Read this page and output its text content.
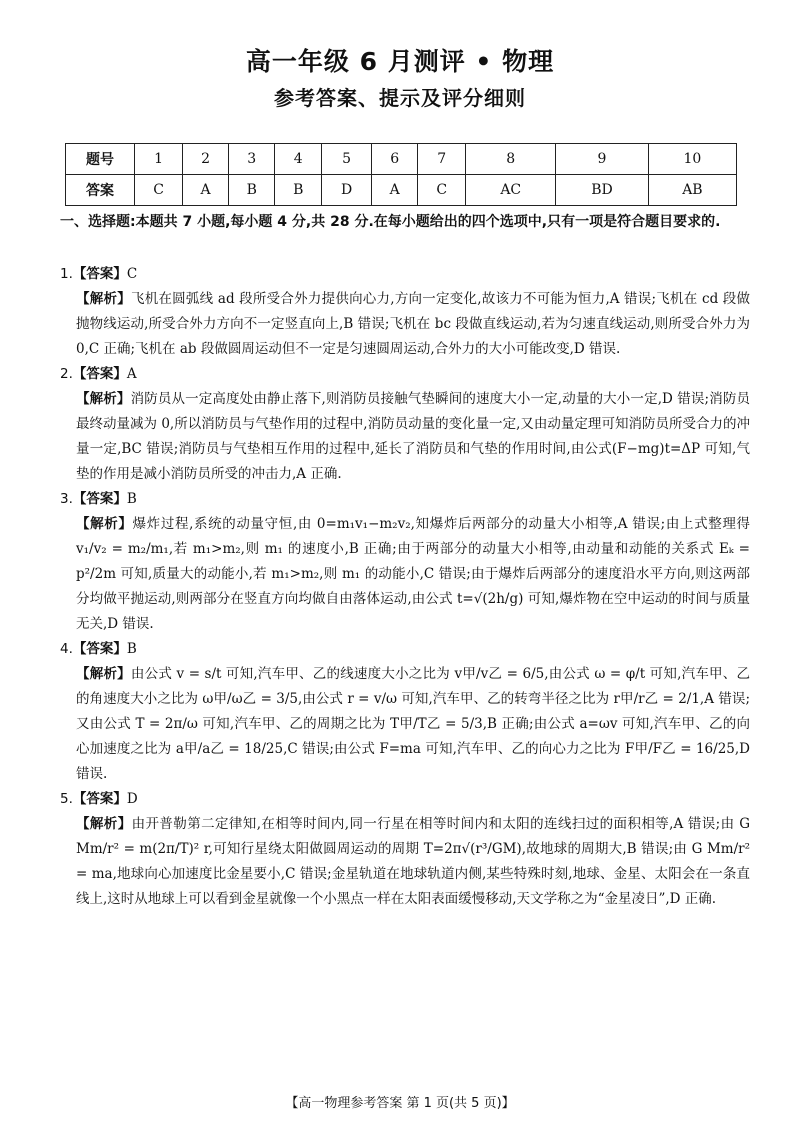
高一年级 6 月测评 • 物理
参考答案、提示及评分细则
题号	1	2	3	4	5	6	7	8	9	10
答案	C	A	B	B	D	A	C	AC	BD	AB
一、选择题:本题共 7 小题,每小题 4 分,共 28 分.在每小题给出的四个选项中,只有一项是符合题目要求的.

1.【答案】C

【解析】飞机在圆弧线 ad 段所受合外力提供向心力,方向一定变化,故该力不可能为恒力,A 错误;飞机在 cd 段做抛物线运动,所受合外力方向不一定竖直向上,B 错误;飞机在 bc 段做直线运动,若为匀速直线运动,则所受合外力为 0,C 正确;飞机在 ab 段做圆周运动但不一定是匀速圆周运动,合外力的大小可能改变,D 错误.

2.【答案】A

【解析】消防员从一定高度处由静止落下,则消防员接触气垫瞬间的速度大小一定,动量的大小一定,D 错误;消防员最终动量减为 0,所以消防员与气垫作用的过程中,消防员动量的变化量一定,又由动量定理可知消防员所受合力的冲量一定,BC 错误;消防员与气垫相互作用的过程中,延长了消防员和气垫的作用时间,由公式(F−mg)t=ΔP 可知,气垫的作用是减小消防员所受的冲击力,A 正确.

3.【答案】B

【解析】爆炸过程,系统的动量守恒,由 0=m₁v₁−m₂v₂,知爆炸后两部分的动量大小相等,A 错误;由上式整理得 v₁/v₂ = m₂/m₁,若 m₁>m₂,则 m₁ 的速度小,B 正确;由于两部分的动量大小相等,由动量和动能的关系式 Eₖ = p²/2m 可知,质量大的动能小,若 m₁>m₂,则 m₁ 的动能小,C 错误;由于爆炸后两部分的速度沿水平方向,则这两部分均做平抛运动,则两部分在竖直方向均做自由落体运动,由公式 t=√(2h/g) 可知,爆炸物在空中运动的时间与质量无关,D 错误.

4.【答案】B

【解析】由公式 v = s/t 可知,汽车甲、乙的线速度大小之比为 v甲/v乙 = 6/5,由公式 ω = φ/t 可知,汽车甲、乙的角速度大小之比为 ω甲/ω乙 = 3/5,由公式 r = v/ω 可知,汽车甲、乙的转弯半径之比为 r甲/r乙 = 2/1,A 错误;又由公式 T = 2π/ω 可知,汽车甲、乙的周期之比为 T甲/T乙 = 5/3,B 正确;由公式 a=ωv 可知,汽车甲、乙的向心加速度之比为 a甲/a乙 = 18/25,C 错误;由公式 F=ma 可知,汽车甲、乙的向心力之比为 F甲/F乙 = 16/25,D 错误.

5.【答案】D

【解析】由开普勒第二定律知,在相等时间内,同一行星在相等时间内和太阳的连线扫过的面积相等,A 错误;由 G Mm/r² = m(2π/T)² r,可知行星绕太阳做圆周运动的周期 T=2π√(r³/GM),故地球的周期大,B 错误;由 G Mm/r² = ma,地球向心加速度比金星要小,C 错误;金星轨道在地球轨道内侧,某些特殊时刻,地球、金星、太阳会在一条直线上,这时从地球上可以看到金星就像一个小黑点一样在太阳表面缓慢移动,天文学称之为“金星凌日”,D 正确.

【高一物理参考答案 第 1 页(共 5 页)】
